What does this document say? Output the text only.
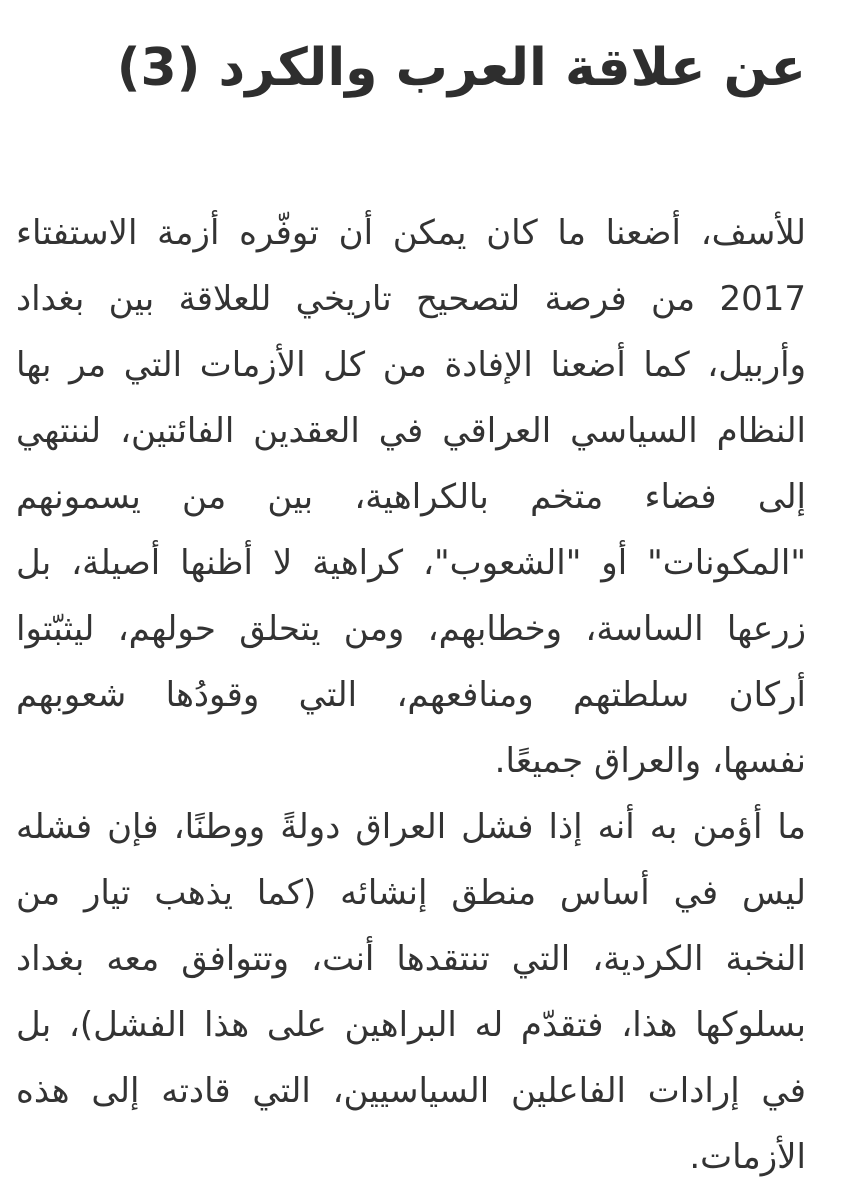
عن علاقة العرب والكرد (3)
للأسف، أضعنا ما كان يمكن أن توفّره أزمة الاستفتاء
2017 من فرصة لتصحيح تاريخي للعلاقة بين بغداد
وأربيل، كما أضعنا الإفادة من كل الأزمات التي مر بها
النظام السياسي العراقي في العقدين الفائتين، لننتهي
إلى فضاء متخم بالكراهية، بين من يسمونهم
"المكونات" أو "الشعوب"، كراهية لا أظنها أصيلة، بل
زرعها الساسة، وخطابهم، ومن يتحلق حولهم، ليثبّتوا
أركان سلطتهم ومنافعهم، التي وقودُها شعوبهم
نفسها، والعراق جميعًا.
ما أؤمن به أنه إذا فشل العراق دولةً ووطنًا، فإن فشله
ليس في أساس منطق إنشائه (كما يذهب تيار من
النخبة الكردية، التي تنتقدها أنت، وتتوافق معه بغداد
بسلوكها هذا، فتقدّم له البراهين على هذا الفشل)، بل
في إرادات الفاعلين السياسيين، التي قادته إلى هذه
الأزمات.
